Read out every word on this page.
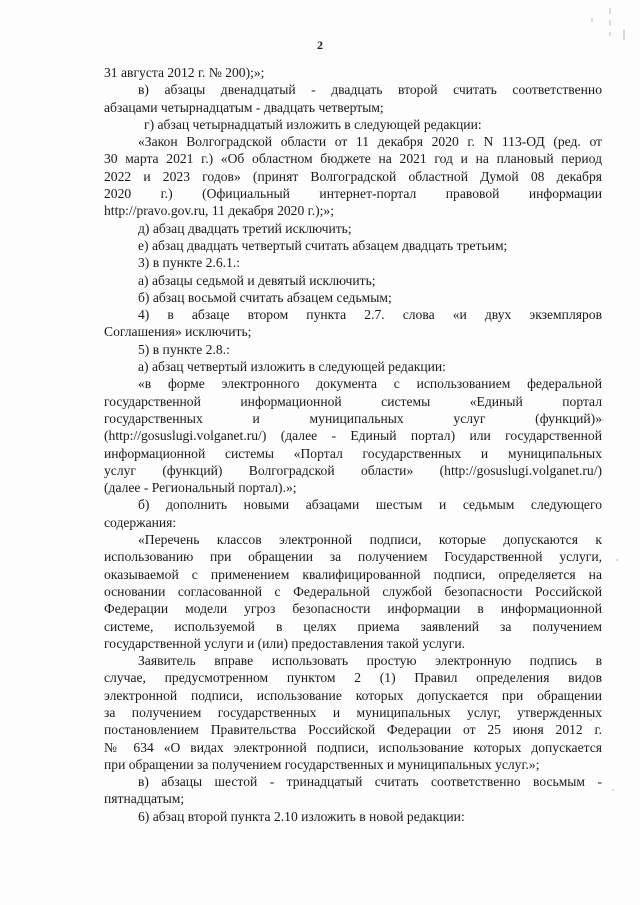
2
31 августа 2012 г. № 200);»;
в) абзацы двенадцатый - двадцать второй считать соответственно
абзацами четырнадцатым - двадцать четвертым;
г) абзац четырнадцатый изложить в следующей редакции:
«Закон Волгоградской области от 11 декабря 2020 г. N 113-ОД (ред. от
30 марта 2021 г.) «Об областном бюджете на 2021 год и на плановый период
2022 и 2023 годов» (принят Волгоградской областной Думой 08 декабря
2020 г.) (Официальный интернет-портал правовой информации
http://pravo.gov.ru, 11 декабря 2020 г.);»;
д) абзац двадцать третий исключить;
е) абзац двадцать четвертый считать абзацем двадцать третьим;
3) в пункте 2.6.1.:
а) абзацы седьмой и девятый исключить;
б) абзац восьмой считать абзацем седьмым;
4) в абзаце втором пункта 2.7. слова «и двух экземпляров
Соглашения» исключить;
5) в пункте 2.8.:
а) абзац четвертый изложить в следующей редакции:
«в форме электронного документа с использованием федеральной
государственной информационной системы «Единый портал
государственных и муниципальных услуг (функций)»
(http://gosuslugi.volganet.ru/) (далее - Единый портал) или государственной
информационной системы «Портал государственных и муниципальных
услуг (функций) Волгоградской области» (http://gosuslugi.volganet.ru/)
(далее - Региональный портал).»;
б) дополнить новыми абзацами шестым и седьмым следующего
содержания:
«Перечень классов электронной подписи, которые допускаются к
использованию при обращении за получением Государственной услуги,
оказываемой с применением квалифицированной подписи, определяется на
основании согласованной с Федеральной службой безопасности Российской
Федерации модели угроз безопасности информации в информационной
системе, используемой в целях приема заявлений за получением
государственной услуги и (или) предоставления такой услуги.
Заявитель вправе использовать простую электронную подпись в
случае, предусмотренном пунктом 2 (1) Правил определения видов
электронной подписи, использование которых допускается при обращении
за получением государственных и муниципальных услуг, утвержденных
постановлением Правительства Российской Федерации от 25 июня 2012 г.
№ 634 «О видах электронной подписи, использование которых допускается
при обращении за получением государственных и муниципальных услуг.»;
в) абзацы шестой - тринадцатый считать соответственно восьмым -
пятнадцатым;
6) абзац второй пункта 2.10 изложить в новой редакции:
